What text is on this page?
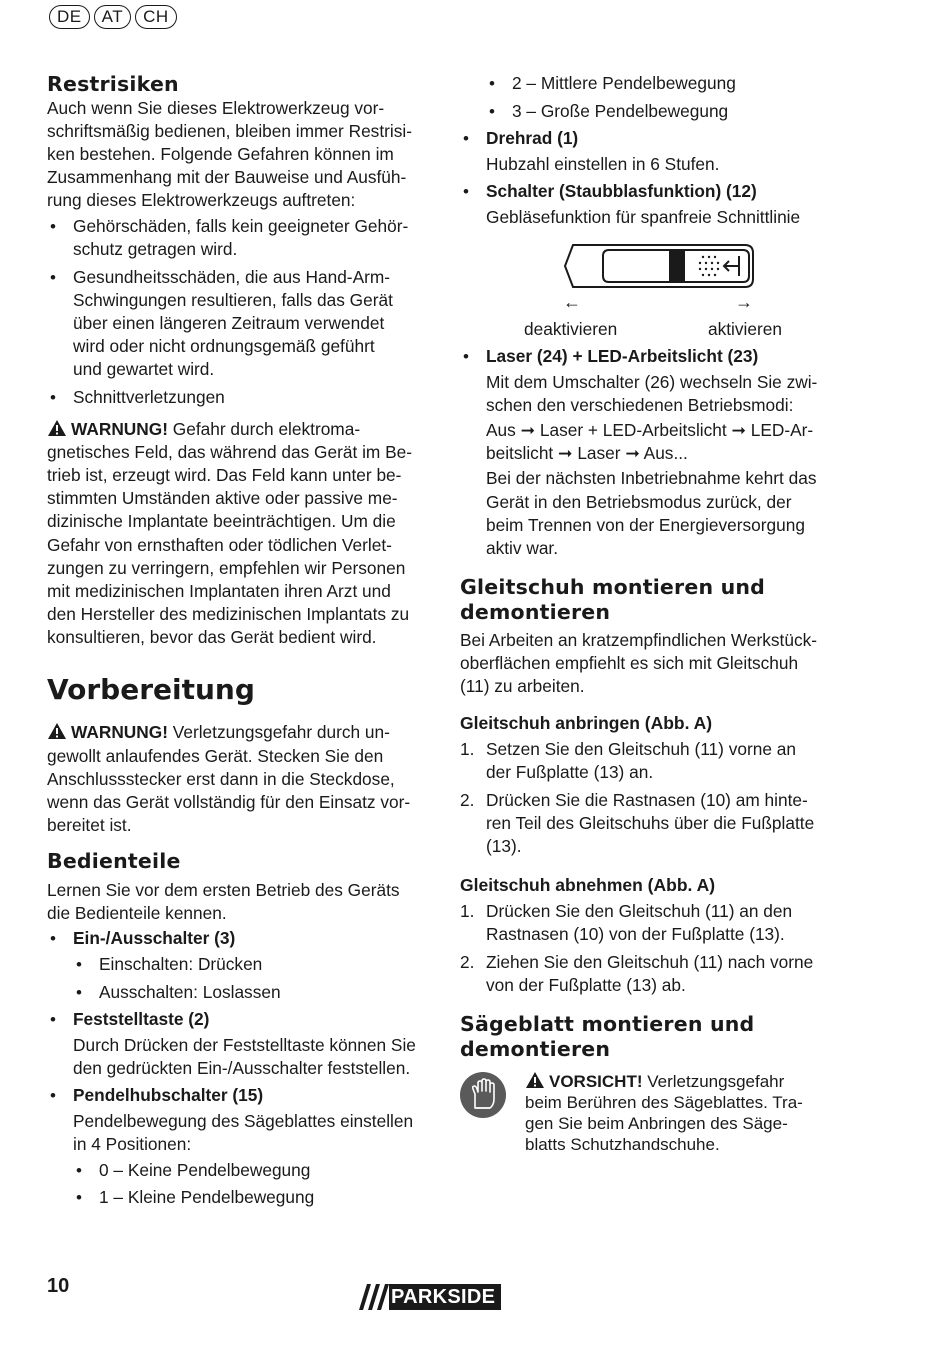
DE	AT	CH
Restrisiken

Auch wenn Sie dieses Elektrowerkzeug vor-

schriftsmäßig bedienen, bleiben immer Restrisi-

ken bestehen. Folgende Gefahren können im

Zusammenhang mit der Bauweise und Ausfüh-

rung dieses Elektrowerkzeugs auftreten:

• Gehörschäden, falls kein geeigneter Gehör-

schutz getragen wird.

• Gesundheitsschäden, die aus Hand-Arm-

Schwingungen resultieren, falls das Gerät

über einen längeren Zeitraum verwendet

wird oder nicht ordnungsgemäß geführt

und gewartet wird.

• Schnittverletzungen

WARNUNG! Gefahr durch elektroma-

gnetisches Feld, das während das Gerät im Be-

trieb ist, erzeugt wird. Das Feld kann unter be-

stimmten Umständen aktive oder passive me-

dizinische Implantate beeinträchtigen. Um die

Gefahr von ernsthaften oder tödlichen Verlet-

zungen zu verringern, empfehlen wir Personen

mit medizinischen Implantaten ihren Arzt und

den Hersteller des medizinischen Implantats zu

konsultieren, bevor das Gerät bedient wird.

Vorbereitung

WARNUNG! Verletzungsgefahr durch un-

gewollt anlaufendes Gerät. Stecken Sie den

Anschlussstecker erst dann in die Steckdose,

wenn das Gerät vollständig für den Einsatz vor-

bereitet ist.

Bedienteile

Lernen Sie vor dem ersten Betrieb des Geräts

die Bedienteile kennen.

• Ein-/Ausschalter (3)

• Einschalten: Drücken

• Ausschalten: Loslassen

• Feststelltaste (2)

Durch Drücken der Feststelltaste können Sie

den gedrückten Ein-/Ausschalter feststellen.

• Pendelhubschalter (15)

Pendelbewegung des Sägeblattes einstellen

in 4 Positionen:

• 0 – Keine Pendelbewegung

• 1 – Kleine Pendelbewegung

• 2 – Mittlere Pendelbewegung

• 3 – Große Pendelbewegung

• Drehrad (1)

Hubzahl einstellen in 6 Stufen.

• Schalter (Staubblasfunktion) (12)

Gebläsefunktion für spanfreie Schnittlinie

• Laser (24) + LED-Arbeitslicht (23)

Mit dem Umschalter (26) wechseln Sie zwi-

schen den verschiedenen Betriebsmodi:

Aus ➞ Laser + LED-Arbeitslicht ➞ LED-Ar-

beitslicht ➞ Laser ➞ Aus...

Bei der nächsten Inbetriebnahme kehrt das

Gerät in den Betriebsmodus zurück, der

beim Trennen von der Energieversorgung

aktiv war.

Gleitschuh montieren und
demontieren

Bei Arbeiten an kratzempfindlichen Werkstück-

oberflächen empfiehlt es sich mit Gleitschuh

(11) zu arbeiten.

Gleitschuh anbringen (Abb. A)
1. Setzen Sie den Gleitschuh (11) vorne an

der Fußplatte (13) an.

2. Drücken Sie die Rastnasen (10) am hinte-

ren Teil des Gleitschuhs über die Fußplatte

(13).

Gleitschuh abnehmen (Abb. A)
1. Drücken Sie den Gleitschuh (11) an den

Rastnasen (10) von der Fußplatte (13).

2. Ziehen Sie den Gleitschuh (11) nach vorne

von der Fußplatte (13) ab.

Sägeblatt montieren und
demontieren

VORSICHT! Verletzungsgefahr

beim Berühren des Sägeblattes. Tra-

gen Sie beim Anbringen des Säge-

blatts Schutzhandschuhe.

←	→
deaktivieren	aktivieren
10	PARKSIDE
